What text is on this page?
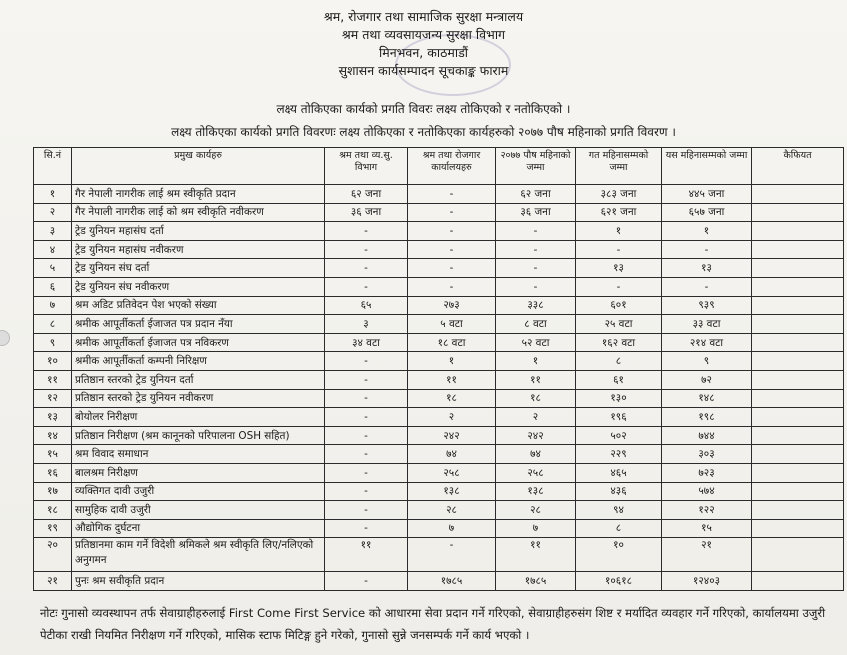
श्रम, रोजगार तथा सामाजिक सुरक्षा मन्त्रालय
श्रम तथा व्यवसायजन्य सुरक्षा विभाग
मिनभवन, काठमाडौं
सुशासन कार्यसम्पादन सूचकाङ्क फाराम
लक्ष्य तोकिएका कार्यको प्रगति विवरः लक्ष्य तोकिएको र नतोकिएको ।
लक्ष्य तोकिएका कार्यको प्रगति विवरणः लक्ष्य तोकिएका र नतोकिएका कार्यहरुको २०७७ पौष महिनाको प्रगति विवरण ।
सि.नं	प्रमुख कार्यहरु	श्रम तथा व्य.सु. विभाग	श्रम तथा रोजगार कार्यालयहरु	२०७७ पौष महिनाको जम्मा	गत महिनासम्मको जम्मा	यस महिनासम्मको जम्मा	कैफियत
१	गैर नेपाली नागरीक लाई श्रम स्वीकृति प्रदान	६२ जना	-	६२ जना	३८३ जना	४४५ जना	
२	गैर नेपाली नागरीक लाई को श्रम स्वीकृति नवीकरण	३६ जना	-	३६ जना	६२१ जना	६५७ जना	
३	ट्रेड युनियन महासंघ दर्ता	-	-	-	१	१	
४	ट्रेड युनियन महासंघ नवीकरण	-	-	-	-	-	
५	ट्रेड युनियन संघ दर्ता	-	-	-	१३	१३	
६	ट्रेड युनियन संघ नवीकरण	-	-	-	-	-	
७	श्रम अडिट प्रतिवेदन पेश भएको संख्या	६५	२७३	३३८	६०१	९३९	
८	श्रमीक आपूर्तीकर्ता ईजाजत पत्र प्रदान नँया	३	५ वटा	८ वटा	२५ वटा	३३ वटा	
९	श्रमीक आपूर्तीकर्ता ईजाजत पत्र नविकरण	३४ वटा	१८ वटा	५२ वटा	१६२ वटा	२१४ वटा	
१०	श्रमीक आपूर्तीकर्ता कम्पनी निरिक्षण	-	१	१	८	९	
११	प्रतिष्ठान स्तरको ट्रेड युनियन दर्ता	-	११	११	६१	७२	
१२	प्रतिष्ठान स्तरको ट्रेड युनियन नवीकरण	-	१८	१८	१३०	१४८	
१३	बोयोलर निरीक्षण	-	२	२	१९६	१९८	
१४	प्रतिष्ठान निरीक्षण (श्रम कानूनको परिपालना OSH सहित)	-	२४२	२४२	५०२	७४४	
१५	श्रम विवाद समाधान	-	७४	७४	२२९	३०३	
१६	बालश्रम निरीक्षण	-	२५८	२५८	४६५	७२३	
१७	व्यक्तिगत दावी उजुरी	-	१३८	१३८	४३६	५७४	
१८	सामुहिक दावी उजुरी	-	२८	२८	९४	१२२	
१९	औद्योगिक दुर्घटना	-	७	७	८	१५	
२०	प्रतिष्ठानमा काम गर्ने विदेशी श्रमिकले श्रम स्वीकृति लिए/नलिएको अनुगमन	११	-	११	१०	२१	
२१	पुनः श्रम सवीकृति प्रदान	-	१७८५	१७८५	१०६१८	१२४०३	
नोटः गुनासो व्यवस्थापन तर्फ सेवाग्राहीहरुलाई First Come First Service को आधारमा सेवा प्रदान गर्ने गरिएको, सेवाग्राहीहरुसंग शिष्ट र मर्यादित व्यवहार गर्ने गरिएको, कार्यालयमा उजुरी पेटीका राखी नियमित निरीक्षण गर्ने गरिएको, मासिक स्टाफ मिटिङ्ग हुने गरेको, गुनासो सुन्ने जनसम्पर्क गर्ने कार्य भएको ।
